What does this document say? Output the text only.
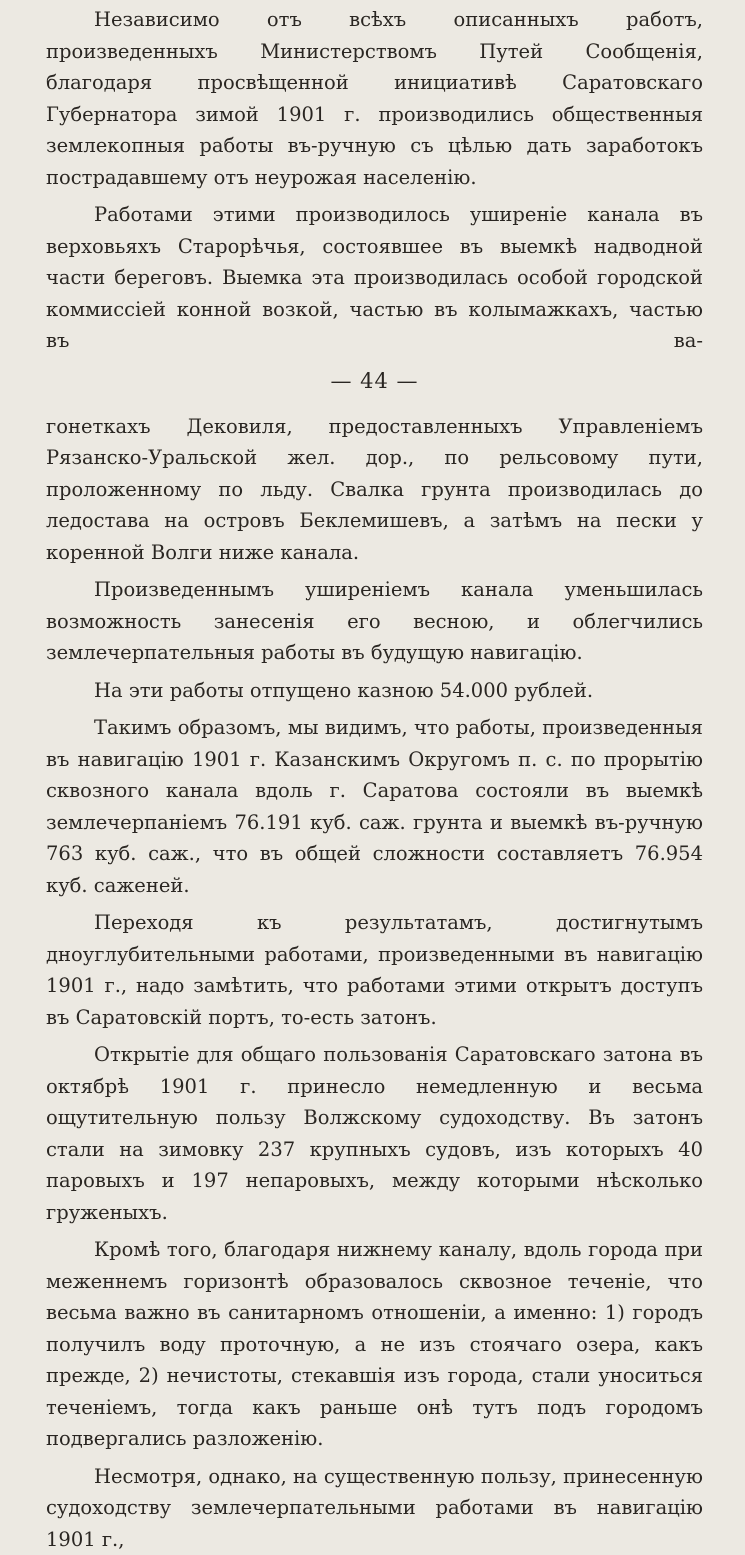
Независимо отъ всѣхъ описанныхъ работъ, произведенныхъ Министерствомъ Путей Сообщенія, благодаря просвѣщенной инициативѣ Саратовскаго Губернатора зимой 1901 г. производились общественныя землекопныя работы въ-ручную съ цѣлью дать заработокъ пострадавшему отъ неурожая населенію.

Работами этими производилось уширеніе канала въ верховьяхъ Старорѣчья, состоявшее въ выемкѣ надводной части береговъ. Выемка эта производилась особой городской коммиссіей конной возкой, частью въ колымажкахъ, частью въ ва-

— 44 —

гонеткахъ Дековиля, предоставленныхъ Управленіемъ Рязанско-Уральской жел. дор., по рельсовому пути, проложенному по льду. Свалка грунта производилась до ледостава на островъ Беклемишевъ, а затѣмъ на пески у коренной Волги ниже канала.

Произведеннымъ уширеніемъ канала уменьшилась возможность занесенія его весною, и облегчились землечерпательныя работы въ будущую навигацію.

На эти работы отпущено казною 54.000 рублей.

Такимъ образомъ, мы видимъ, что работы, произведенныя въ навигацію 1901 г. Казанскимъ Округомъ п. с. по прорытію сквозного канала вдоль г. Саратова состояли въ выемкѣ землечерпаніемъ 76.191 куб. саж. грунта и выемкѣ въ-ручную 763 куб. саж., что въ общей сложности составляетъ 76.954 куб. саженей.

Переходя къ результатамъ, достигнутымъ дноуглубительными работами, произведенными въ навигацію 1901 г., надо замѣтить, что работами этими открытъ доступъ въ Саратовскій портъ, то-есть затонъ.

Открытіе для общаго пользованія Саратовскаго затона въ октябрѣ 1901 г. принесло немедленную и весьма ощутительную пользу Волжскому судоходству. Въ затонъ стали на зимовку 237 крупныхъ судовъ, изъ которыхъ 40 паровыхъ и 197 непаровыхъ, между которыми нѣсколько груженыхъ.

Кромѣ того, благодаря нижнему каналу, вдоль города при меженнемъ горизонтѣ образовалось сквозное теченіе, что весьма важно въ санитарномъ отношеніи, а именно: 1) городъ получилъ воду проточную, а не изъ стоячаго озера, какъ прежде, 2) нечистоты, стекавшія изъ города, стали уноситься теченіемъ, тогда какъ раньше онѣ тутъ подъ городомъ подвергались разложенію.

Несмотря, однако, на существенную пользу, принесенную судоходству землечерпательными работами въ навигацію 1901 г.,
